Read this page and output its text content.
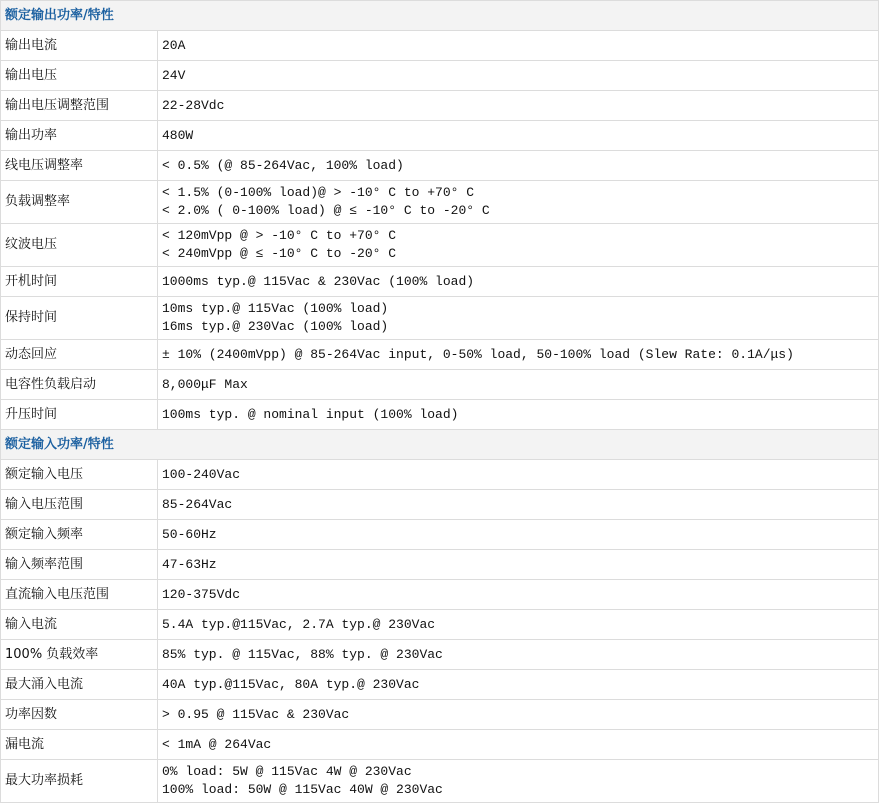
额定输出功率/特性	
输出电流	20A

输出电压	24V

输出电压调整范围	22-28Vdc

输出功率	480W

线电压调整率	< 0.5% (@ 85-264Vac, 100% load)

负载调整率	< 1.5% (0-100% load)@ > -10° C to +70° C
< 2.0% ( 0-100% load) @ ≤ -10° C to -20° C

纹波电压	< 120mVpp @ > -10° C to +70° C
< 240mVpp @ ≤ -10° C to -20° C

开机时间	1000ms typ.@ 115Vac & 230Vac (100% load)

保持时间	10ms typ.@ 115Vac (100% load)
16ms typ.@ 230Vac (100% load)

动态回应	± 10% (2400mVpp) @ 85-264Vac input, 0-50% load, 50-100% load (Slew Rate: 0.1A/μs)

电容性负载启动	8,000μF Max

升压时间	100ms typ. @ nominal input (100% load)

额定输入功率/特性	
额定输入电压	100-240Vac

输入电压范围	85-264Vac

额定输入频率	50-60Hz

输入频率范围	47-63Hz

直流输入电压范围	120-375Vdc

输入电流	5.4A typ.@115Vac, 2.7A typ.@ 230Vac

100% 负载效率	85% typ. @ 115Vac, 88% typ. @ 230Vac

最大涌入电流	40A typ.@115Vac, 80A typ.@ 230Vac

功率因数	> 0.95 @ 115Vac & 230Vac

漏电流	< 1mA @ 264Vac

最大功率损耗	0% load: 5W @ 115Vac 4W @ 230Vac
100% load: 50W @ 115Vac 40W @ 230Vac
